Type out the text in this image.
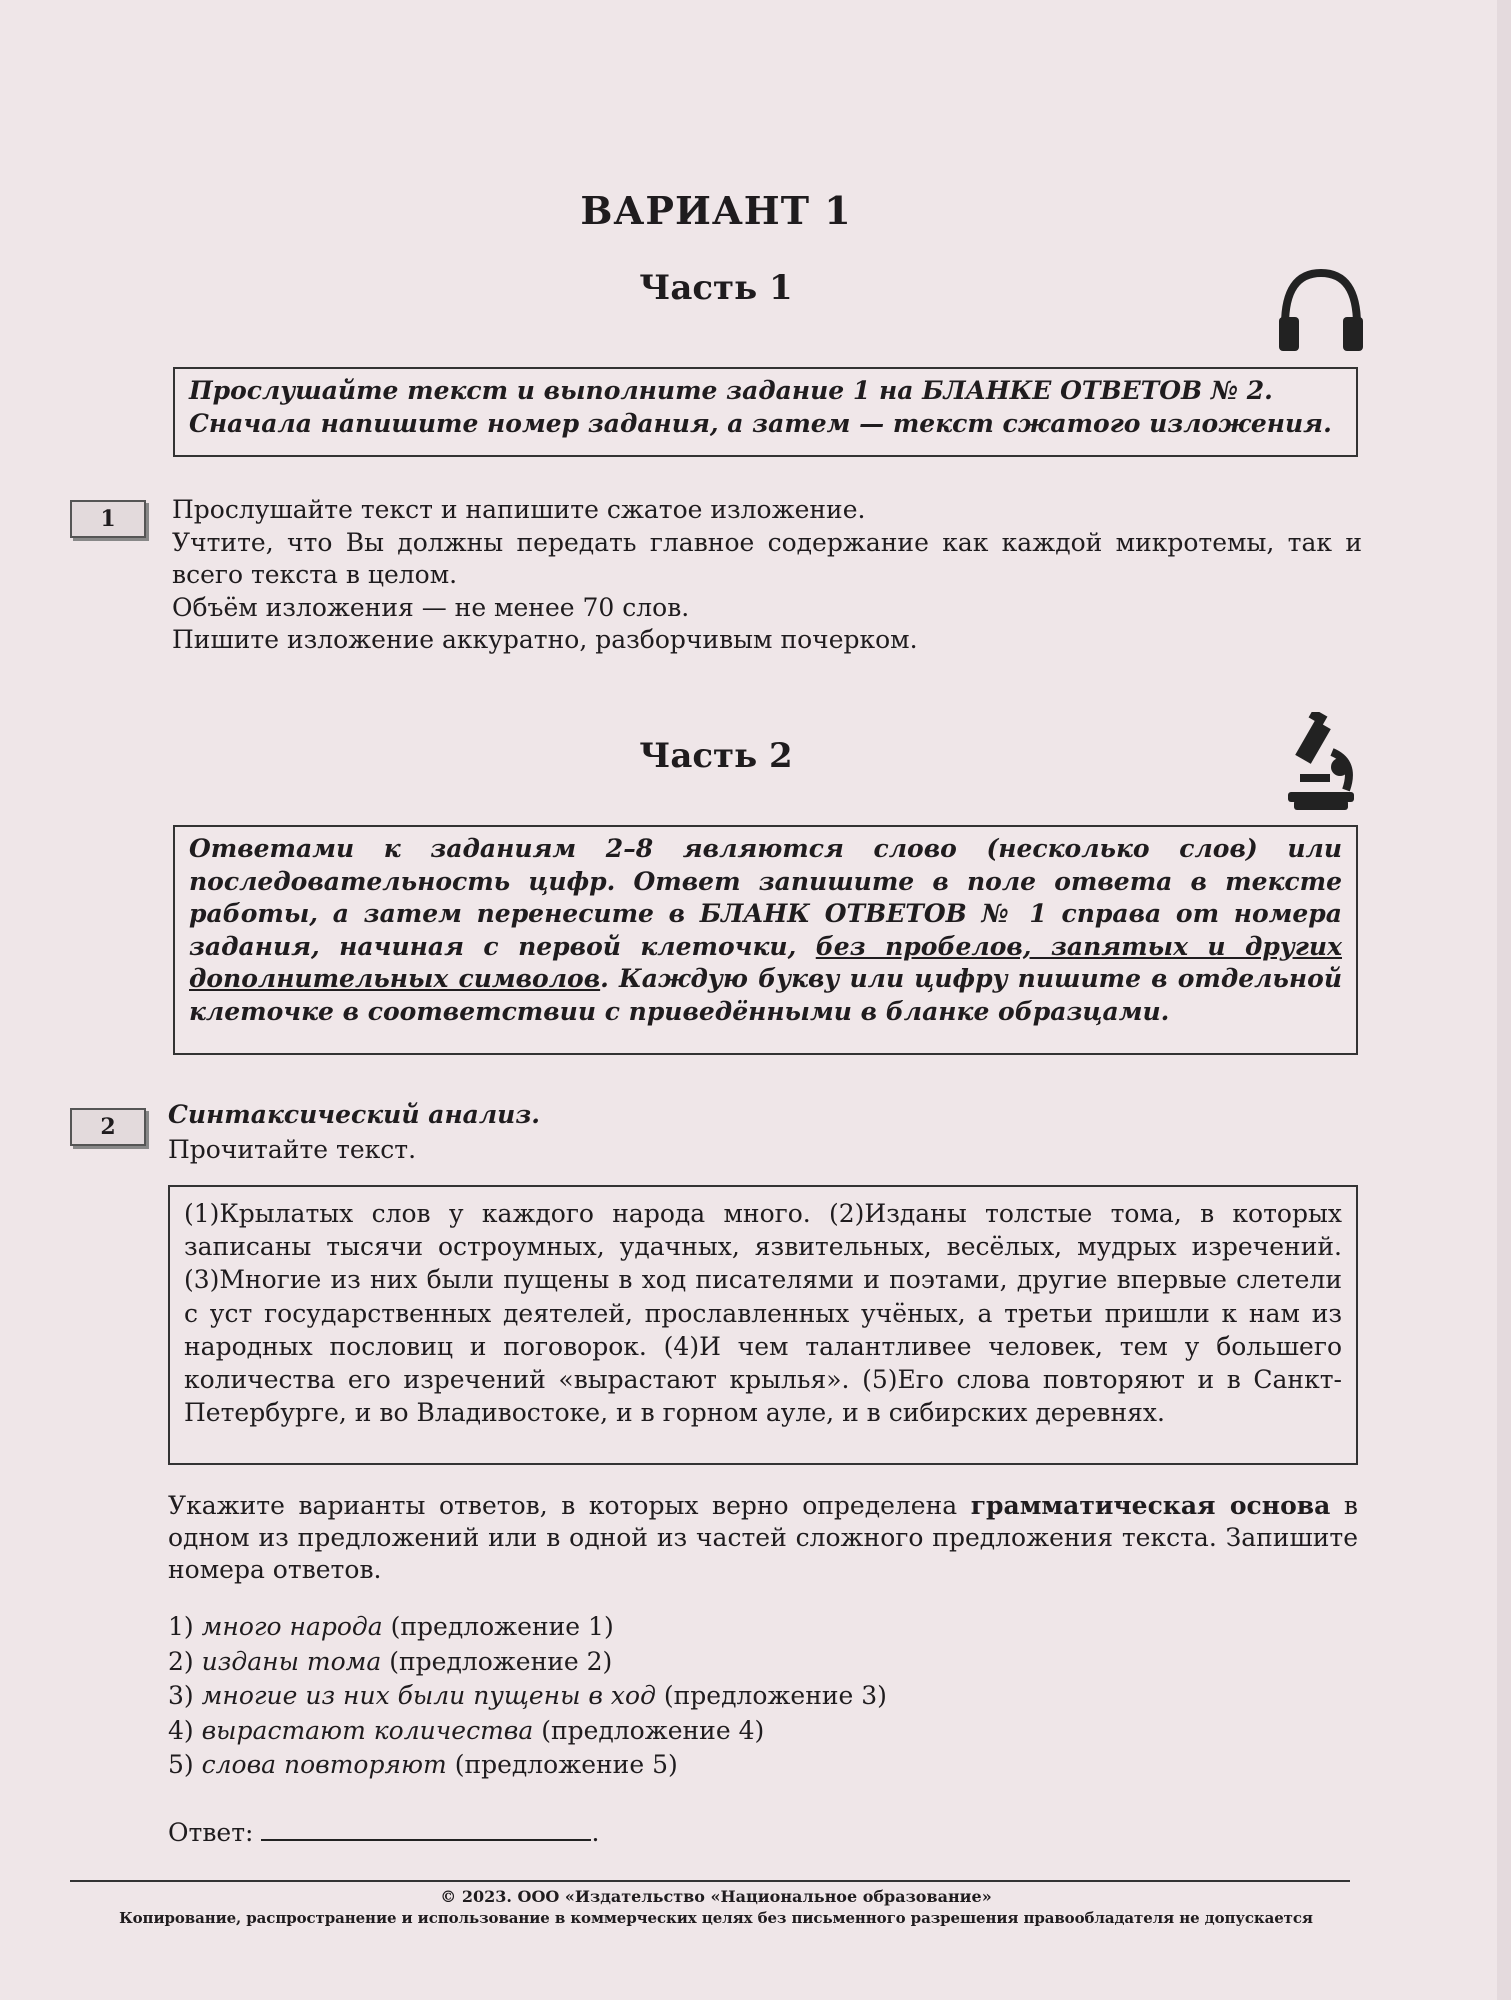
ВАРИАНТ 1
Часть 1
Прослушайте текст и выполните задание 1 на БЛАНКЕ ОТВЕТОВ № 2.
Сначала напишите номер задания, а затем — текст сжатого изложения.
1	Прослушайте текст и напишите сжатое изложение.
Учтите, что Вы должны передать главное содержание как каждой микротемы, так и всего текста в целом.
Объём изложения — не менее 70 слов.
Пишите изложение аккуратно, разборчивым почерком.
Часть 2
Ответами к заданиям 2–8 являются слово (несколько слов) или последовательность цифр. Ответ запишите в поле ответа в тексте работы, а затем перенесите в БЛАНК ОТВЕТОВ № 1 справа от номера задания, начиная с первой клеточки, без пробелов, запятых и других дополнительных символов. Каждую букву или цифру пишите в отдельной клеточке в соответствии с приведёнными в бланке образцами.
2	Синтаксический анализ.
Прочитайте текст.
(1)Крылатых слов у каждого народа много. (2)Изданы толстые тома, в которых записаны тысячи остроумных, удачных, язвительных, весёлых, мудрых изречений. (3)Многие из них были пущены в ход писателями и поэтами, другие впервые слетели с уст государственных деятелей, прославленных учёных, а третьи пришли к нам из народных пословиц и поговорок. (4)И чем талантливее человек, тем у большего количества его изречений «вырастают крылья». (5)Его слова повторяют и в Санкт-Петербурге, и во Владивостоке, и в горном ауле, и в сибирских деревнях.
Укажите варианты ответов, в которых верно определена грамматическая основа в одном из предложений или в одной из частей сложного предложения текста. Запишите номера ответов.
1) много народа (предложение 1)
2) изданы тома (предложение 2)
3) многие из них были пущены в ход (предложение 3)
4) вырастают количества (предложение 4)
5) слова повторяют (предложение 5)
Ответ:	.
© 2023. ООО «Издательство «Национальное образование»
Копирование, распространение и использование в коммерческих целях без письменного разрешения правообладателя не допускается
